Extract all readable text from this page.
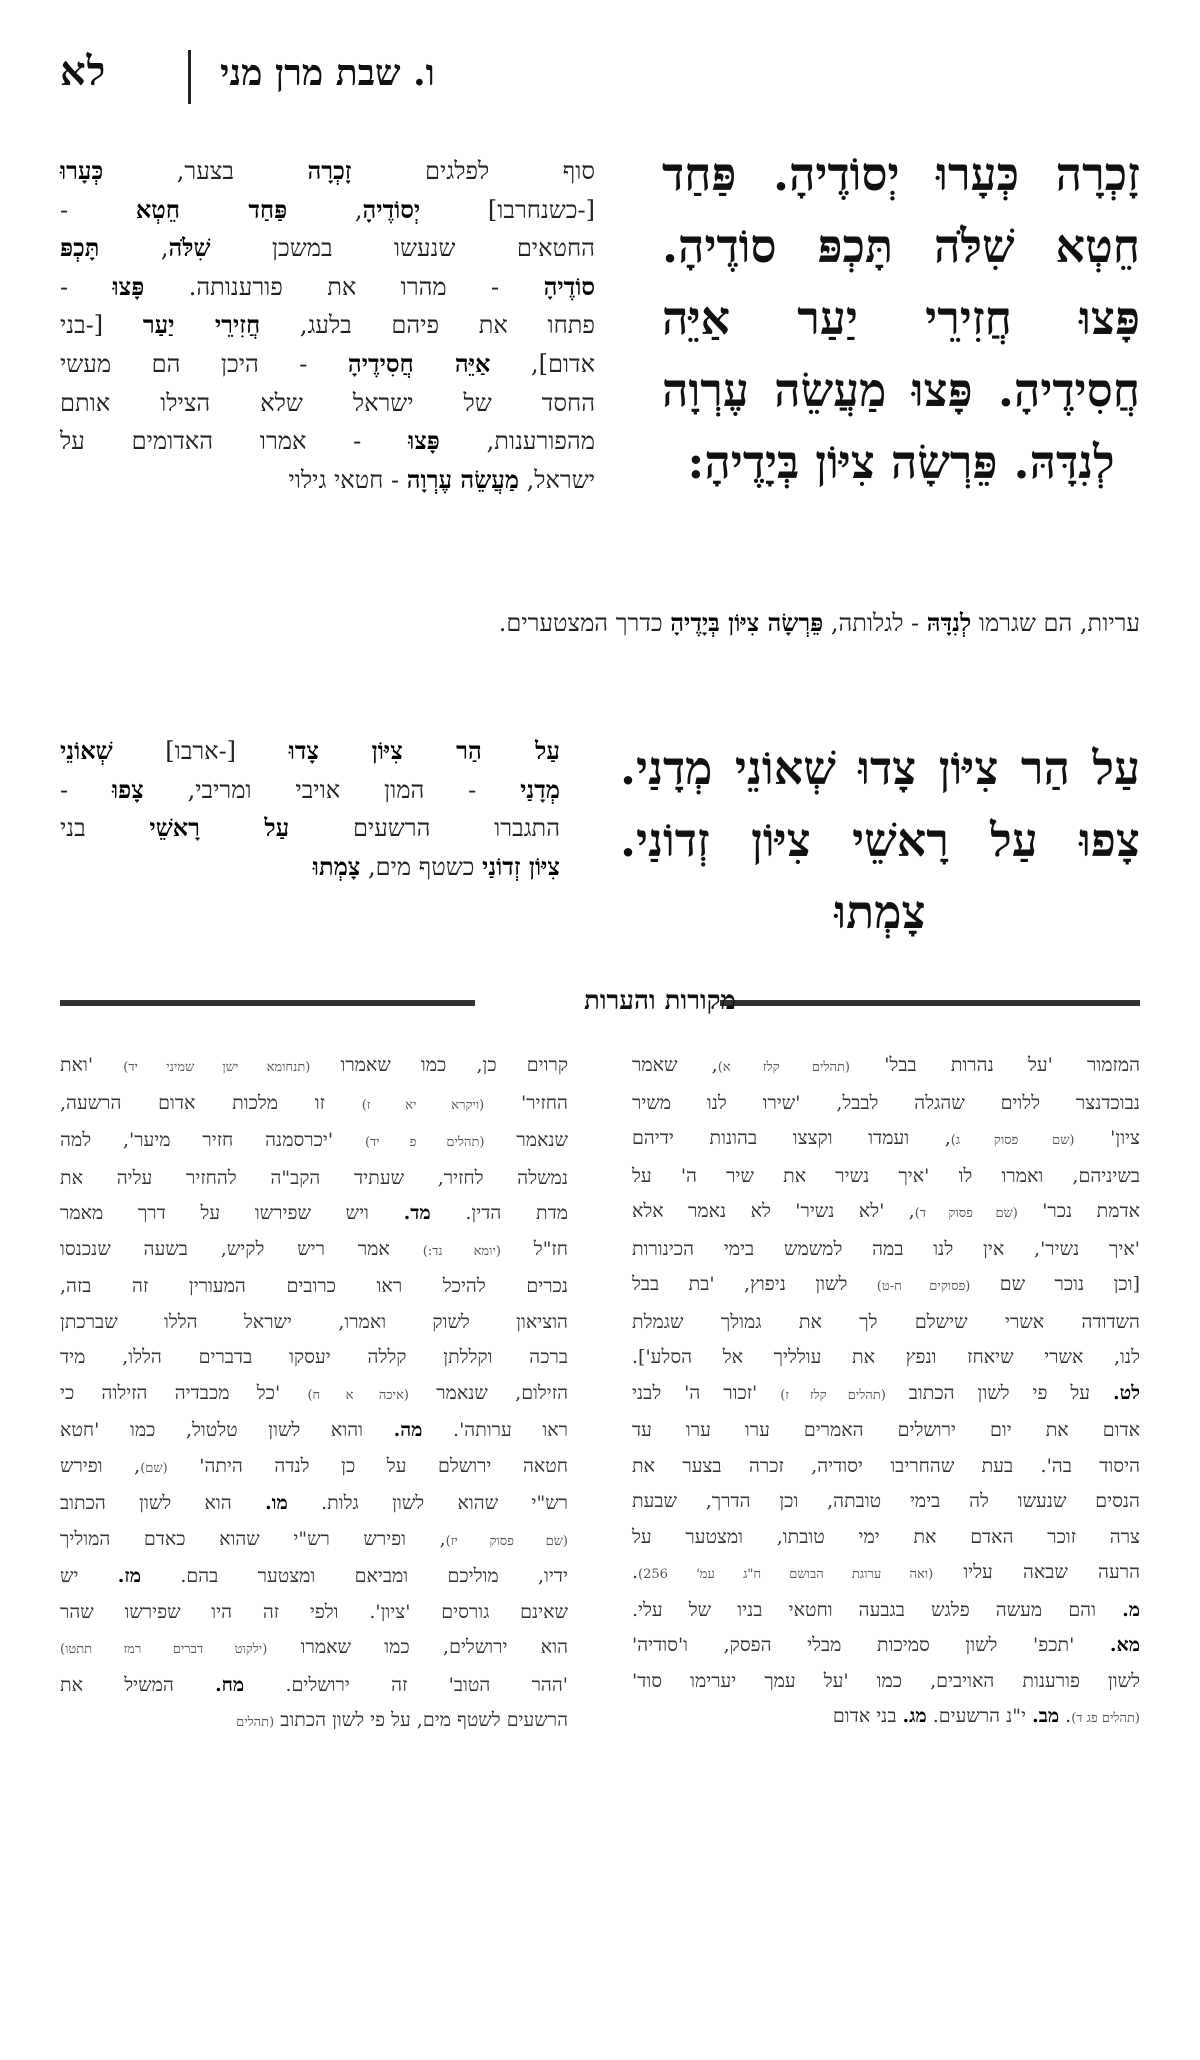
לא	ו. שבת מרן מני
זָכְרָה כְּעָרוּ יְסוֹדֶיהָ. פַּחַד חֵטְא שִׁלֹּה תָּכְפּ סוֹדֶיהָ. פָּצוּ חֲזִירֵי יַעַר אַיֵּה חֲסִידֶיהָ. פָּצוּ מַעֲשֵׂה עֶרְוָה לְנִדָּהּ. פֵּרְשָׂה צִיּוֹן בְּיָדֶיהָ:
סוף לפלגים זָכְרָה בצער, כְּעָרוּ
[-כשנחרבו] יְסוֹדֶיהָ, פַּחַד חֵטְא -
החטאים שנעשו במשכן שִׁלֹּה, תָּכְפּ
סוֹדֶיהָ - מהרו את פורענותה. פָּצוּ -
פתחו את פיהם בלעג, חֲזִירֵי יַעַר [-בני
אדום], אַיֵּה חֲסִידֶיהָ - היכן הם מעשי
החסד של ישראל שלא הצילו אותם
מהפורענות, פָּצוּ - אמרו האדומים על
ישראל, מַעֲשֵׂה עֶרְוָה - חטאי גילוי
עריות, הם שגרמו לְנִדָּהּ - לגלותה, פֵּרְשָׂה צִיּוֹן בְּיָדֶיהָ כדרך המצטערים.
עַל הַר צִיּוֹן צָדוּ שְׁאוֹנֵי מְדָנַי. צָפוּ עַל רָאשֵׁי צִיּוֹן זְדוֹנַי. צָמְתוּ
עַל הַר צִיּוֹן צָדוּ [-ארבו] שְׁאוֹנֵי
מְדָנַי - המון אויבי ומריבי, צָפוּ -
התגברו הרשעים עַל רָאשֵׁי בני
צִיּוֹן זְדוֹנַי כשטף מים, צָמְתוּ
מקורות והערות
המזמור 'על נהרות בבל' (תהלים קלז א), שאמר
נבוכדנצר ללוים שהגלה לבבל, 'שירו לנו משיר
ציון' (שם פסוק ג), ועמדו וקצצו בהונות ידיהם
בשיניהם, ואמרו לו 'איך נשיר את שיר ה' על
אדמת נכר' (שם פסוק ד), 'לא נשיר' לא נאמר אלא
'איך נשיר', אין לנו במה למשמש בימי הכינורות
[וכן נוכר שם (פסוקים ח-ט) לשון ניפוץ, 'בת בבל
השדודה אשרי שישלם לך את גמולך שגמלת
לנו, אשרי שיאחז ונפץ את עולליך אל הסלע'].
לט. על פי לשון הכתוב (תהלים קלז ז) 'זכור ה' לבני
אדום את יום ירושלים האמרים ערו ערו עד
היסוד בה'. בעת שהחריבו יסודיה, זכרה בצער את
הנסים שנעשו לה בימי טובתה, וכן הדרך, שבעת
צרה זוכר האדם את ימי טובתו, ומצטער על
הרעה שבאה עליו (ואה ערוגת הבושם ח"ג עמ' 256).
מ. והם מעשה פלגש בגבעה וחטאי בניו של עלי.
מא. 'תכפ' לשון סמיכות מבלי הפסק, ו'סודיה'
לשון פורענות האויבים, כמו 'על עמך יערימו סוד'
(תהלים פג ד). מב. י"נ הרשעים. מג. בני אדום
קרוים כן, כמו שאמרו (תנחומא ישן שמיני יד) 'ואת
החזיר' (ויקרא יא ז) זו מלכות אדום הרשעה,
שנאמר (תהלים פ יד) 'יכרסמנה חזיר מיער', למה
נמשלה לחזיר, שעתיד הקב"ה להחזיר עליה את
מדת הדין. מד. ויש שפירשו על דרך מאמר
חז"ל (יומא נד:) אמר ריש לקיש, בשעה שנכנסו
נכרים להיכל ראו כרובים המעורין זה בזה,
הוציאון לשוק ואמרו, ישראל הללו שברכתן
ברכה וקללתן קללה יעסקו בדברים הללו, מיד
הזילום, שנאמר (איכה א ח) 'כל מכבדיה הזילוה כי
ראו ערותה'. מה. והוא לשון טלטול, כמו 'חטא
חטאה ירושלם על כן לנדה היתה' (שם), ופירש
רש"י שהוא לשון גלות. מו. הוא לשון הכתוב
(שם פסוק יז), ופירש רש"י שהוא כאדם המוליך
ידיו, מוליכם ומביאם ומצטער בהם. מז. יש
שאינם גורסים 'ציון'. ולפי זה היו שפירשו שהר
הוא ירושלים, כמו שאמרו (ילקוט דברים רמז תתטו)
'ההר הטוב' זה ירושלים. מח. המשיל את
הרשעים לשטף מים, על פי לשון הכתוב (תהלים
